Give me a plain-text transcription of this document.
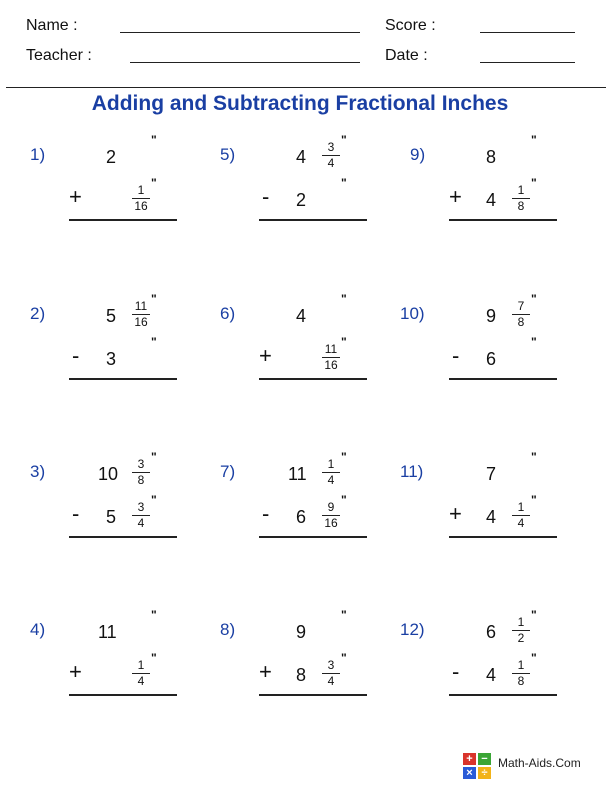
Name :	Score :
Teacher :	Date :
Adding and Subtracting Fractional Inches
1)	2
"
+	1
16
"
2)	5	11
16
"
- 3
"
3)	10	3
8
"
- 5	3
4
"
4)	11
"
+	1
4
"
5)	4	3
4
"
- 2
"
6)	4
"
+	11
16
"
7)	11	1
4
"
- 6	9
16
"
8)	9
"
+ 8	3
4
"
9)	8
"
+ 4	1
8
"
10)	9	7
8
"
- 6
"
11)	7
"
+ 4	1
4
"
12)	6	1
2
"
- 4	1
8
"
+ −
× ÷
Math-Aids.Com
